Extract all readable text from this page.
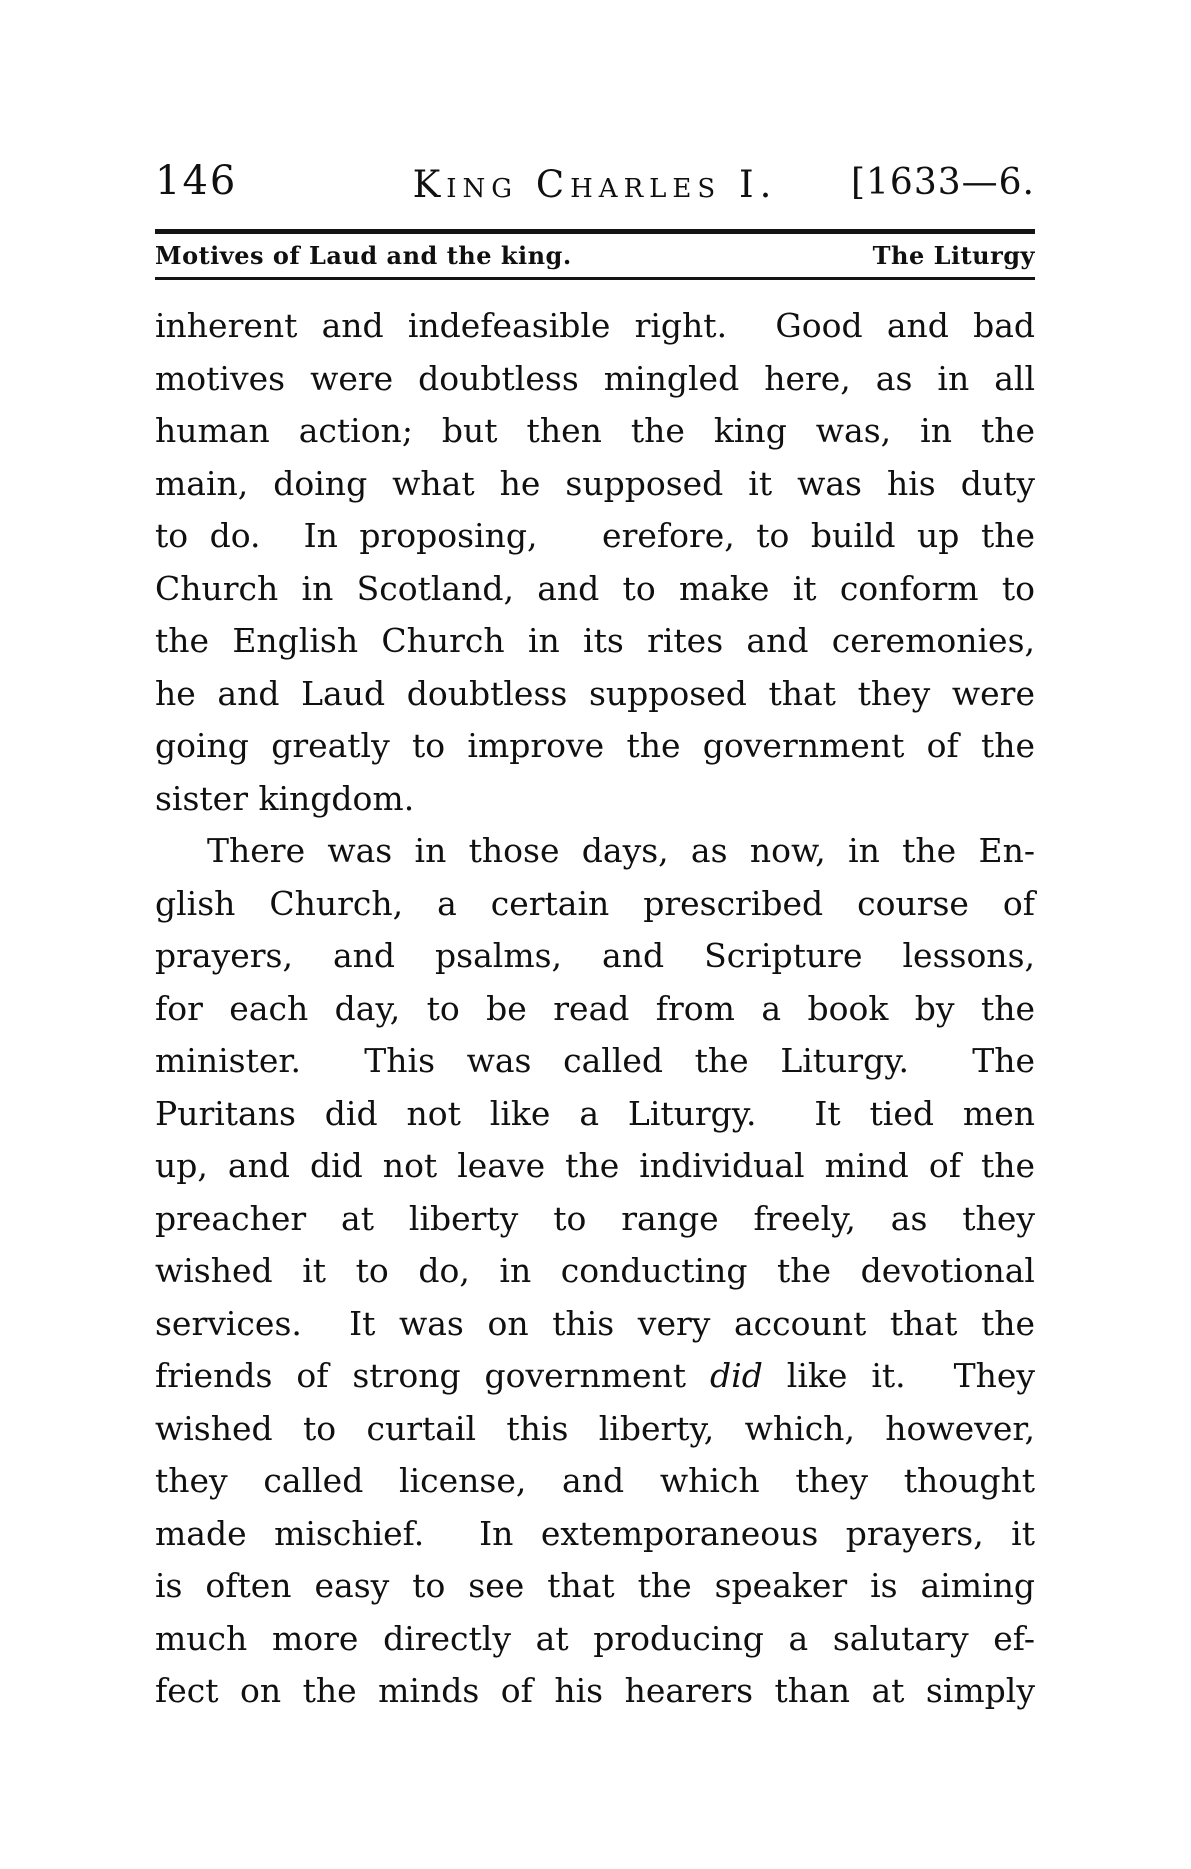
146	King Charles I. [1633—6.
Motives of Laud and the king.	The Liturgy
inherent and indefeasible right.  Good and bad
motives were doubtless mingled here, as in all
human action; but then the king was, in the
main, doing what he supposed it was his duty
to do.  In proposing,   erefore, to build up the
Church in Scotland, and to make it conform to
the English Church in its rites and ceremonies,
he and Laud doubtless supposed that they were
going greatly to improve the government of the
sister kingdom.
There was in those days, as now, in the En-
glish Church, a certain prescribed course of
prayers, and psalms, and Scripture lessons,
for each day, to be read from a book by the
minister.  This was called the Liturgy.  The
Puritans did not like a Liturgy.  It tied men
up, and did not leave the individual mind of the
preacher at liberty to range freely, as they
wished it to do, in conducting the devotional
services.  It was on this very account that the
friends of strong government did like it.  They
wished to curtail this liberty, which, however,
they called license, and which they thought
made mischief.  In extemporaneous prayers, it
is often easy to see that the speaker is aiming
much more directly at producing a salutary ef-
fect on the minds of his hearers than at simply
